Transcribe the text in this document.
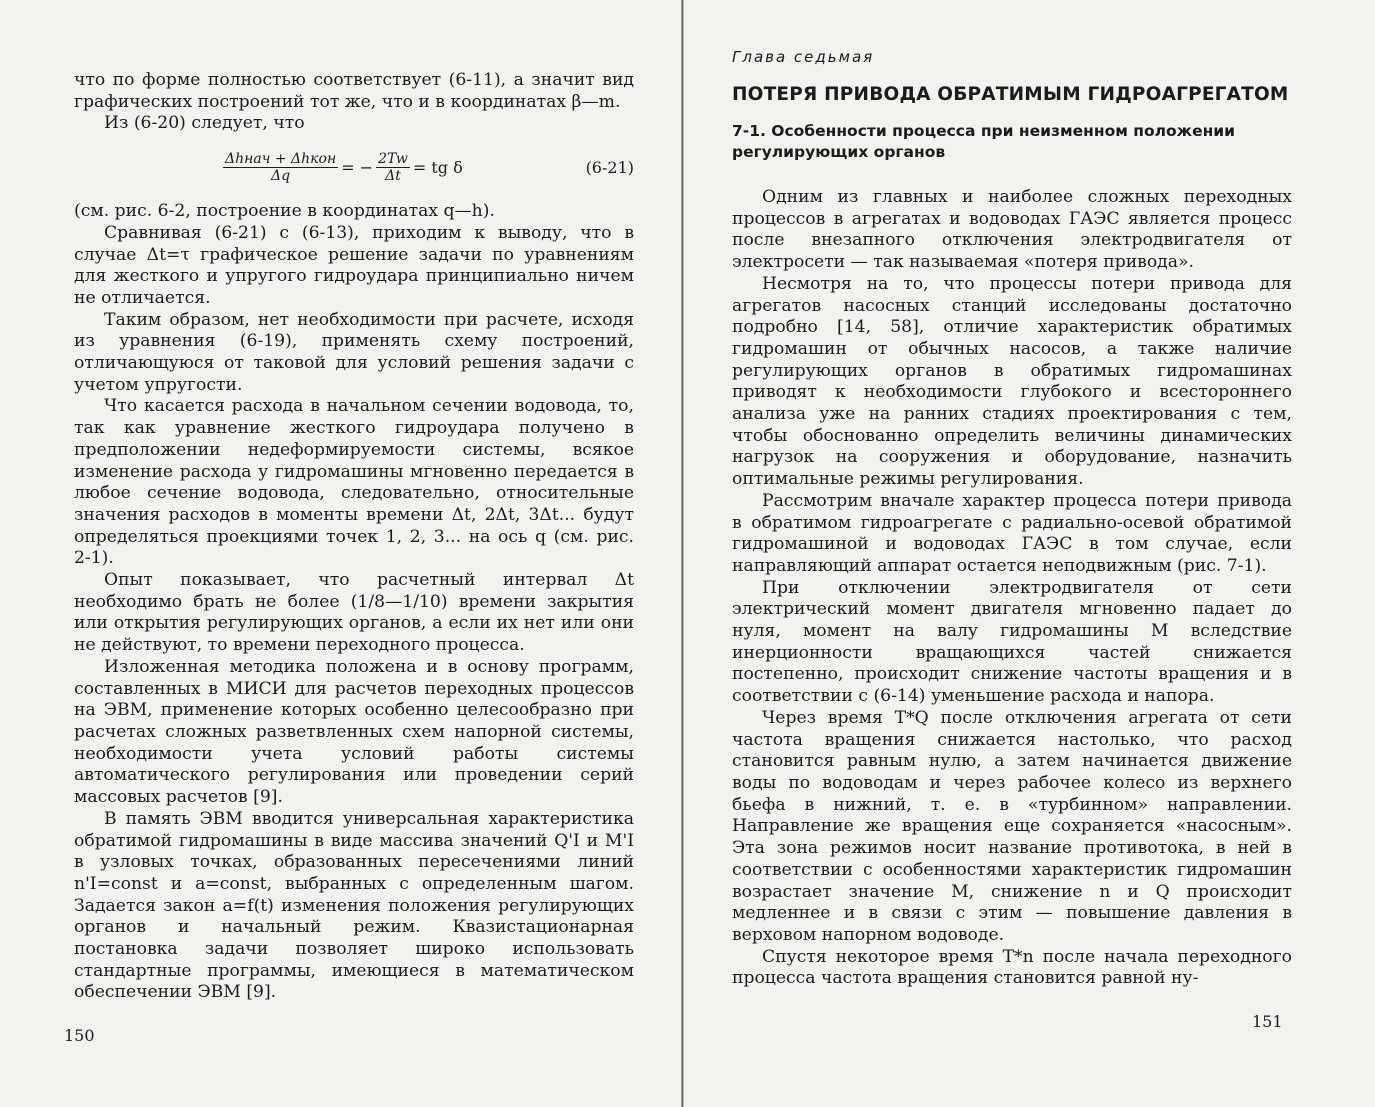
что по форме полностью соответствует (6-11), а значит вид графических построений тот же, что и в координатах β—m.

Из (6-20) следует, что

$\frac{\text{Δhнач + Δhкон}}{\Delta q}$ = − $\frac{2Tw}{\Delta t}$ = tg δ	(6-21)

(см. рис. 6-2, построение в координатах q—h).

Сравнивая (6-21) с (6-13), приходим к выводу, что в случае Δt=τ графическое решение задачи по уравнениям для жесткого и упругого гидроудара принципиально ничем не отличается.

Таким образом, нет необходимости при расчете, исходя из уравнения (6-19), применять схему построений, отличающуюся от таковой для условий решения задачи с учетом упругости.

Что касается расхода в начальном сечении водовода, то, так как уравнение жесткого гидроудара получено в предположении недеформируемости системы, всякое изменение расхода у гидромашины мгновенно передается в любое сечение водовода, следовательно, относительные значения расходов в моменты времени Δt, 2Δt, 3Δt... будут определяться проекциями точек 1, 2, 3... на ось q (см. рис. 2-1).

Опыт показывает, что расчетный интервал Δt необходимо брать не более (1/8—1/10) времени закрытия или открытия регулирующих органов, а если их нет или они не действуют, то времени переходного процесса.

Изложенная методика положена и в основу программ, составленных в МИСИ для расчетов переходных процессов на ЭВМ, применение которых особенно целесообразно при расчетах сложных разветвленных схем напорной системы, необходимости учета условий работы системы автоматического регулирования или проведении серий массовых расчетов [9].

В память ЭВМ вводится универсальная характеристика обратимой гидромашины в виде массива значений Q'I и M'I в узловых точках, образованных пересечениями линий n'I=const и a=const, выбранных с определенным шагом. Задается закон a=f(t) изменения положения регулирующих органов и начальный режим. Квазистационарная постановка задачи позволяет широко использовать стандартные программы, имеющиеся в математическом обеспечении ЭВМ [9].

150
Глава седьмая
ПОТЕРЯ ПРИВОДА ОБРАТИМЫМ ГИДРОАГРЕГАТОМ
7-1. Особенности процесса при неизменном положении регулирующих органов

Одним из главных и наиболее сложных переходных процессов в агрегатах и водоводах ГАЭС является процесс после внезапного отключения электродвигателя от электросети — так называемая «потеря привода».

Несмотря на то, что процессы потери привода для агрегатов насосных станций исследованы достаточно подробно [14, 58], отличие характеристик обратимых гидромашин от обычных насосов, а также наличие регулирующих органов в обратимых гидромашинах приводят к необходимости глубокого и всестороннего анализа уже на ранних стадиях проектирования с тем, чтобы обоснованно определить величины динамических нагрузок на сооружения и оборудование, назначить оптимальные режимы регулирования.

Рассмотрим вначале характер процесса потери привода в обратимом гидроагрегате с радиально-осевой обратимой гидромашиной и водоводах ГАЭС в том случае, если направляющий аппарат остается неподвижным (рис. 7-1).

При отключении электродвигателя от сети электрический момент двигателя мгновенно падает до нуля, момент на валу гидромашины M вследствие инерционности вращающихся частей снижается постепенно, происходит снижение частоты вращения и в соответствии с (6-14) уменьшение расхода и напора.

Через время T*Q после отключения агрегата от сети частота вращения снижается настолько, что расход становится равным нулю, а затем начинается движение воды по водоводам и через рабочее колесо из верхнего бьефа в нижний, т. е. в «турбинном» направлении. Направление же вращения еще сохраняется «насосным». Эта зона режимов носит название противотока, в ней в соответствии с особенностями характеристик гидромашин возрастает значение M, снижение n и Q происходит медленнее и в связи с этим — повышение давления в верховом напорном водоводе.

Спустя некоторое время T*n после начала переходного процесса частота вращения становится равной ну-

151
